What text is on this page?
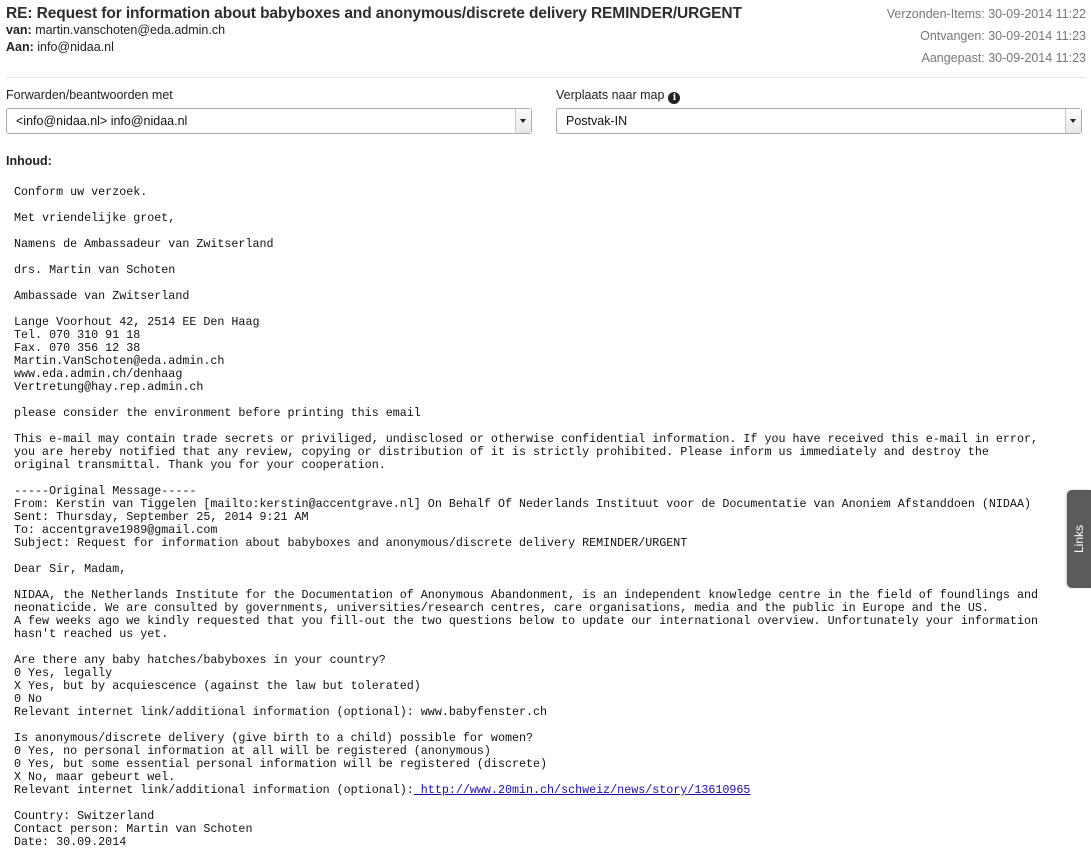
RE: Request for information about babyboxes and anonymous/discrete delivery REMINDER/URGENT
van: martin.vanschoten@eda.admin.ch
Aan: info@nidaa.nl
Verzonden-Items: 30-09-2014 11:22
Ontvangen: 30-09-2014 11:23
Aangepast: 30-09-2014 11:23
Forwarden/beantwoorden met
<info@nidaa.nl> info@nidaa.nl
Verplaats naar map i
Postvak-IN
Inhoud:
Conform uw verzoek.

Met vriendelijke groet,

Namens de Ambassadeur van Zwitserland

drs. Martin van Schoten

Ambassade van Zwitserland

Lange Voorhout 42, 2514 EE Den Haag
Tel. 070 310 91 18
Fax. 070 356 12 38
Martin.VanSchoten@eda.admin.ch
www.eda.admin.ch/denhaag
Vertretung@hay.rep.admin.ch

please consider the environment before printing this email

This e-mail may contain trade secrets or priviliged, undisclosed or otherwise confidential information. If you have received this e-mail in error,
you are hereby notified that any review, copying or distribution of it is strictly prohibited. Please inform us immediately and destroy the
original transmittal. Thank you for your cooperation.

-----Original Message-----
From: Kerstin van Tiggelen [mailto:kerstin@accentgrave.nl] On Behalf Of Nederlands Instituut voor de Documentatie van Anoniem Afstanddoen (NIDAA)
Sent: Thursday, September 25, 2014 9:21 AM
To: accentgrave1989@gmail.com
Subject: Request for information about babyboxes and anonymous/discrete delivery REMINDER/URGENT

Dear Sir, Madam,

NIDAA, the Netherlands Institute for the Documentation of Anonymous Abandonment, is an independent knowledge centre in the field of foundlings and
neonaticide. We are consulted by governments, universities/research centres, care organisations, media and the public in Europe and the US.
A few weeks ago we kindly requested that you fill-out the two questions below to update our international overview. Unfortunately your information
hasn't reached us yet.

Are there any baby hatches/babyboxes in your country?
0 Yes, legally
X Yes, but by acquiescence (against the law but tolerated)
0 No
Relevant internet link/additional information (optional): www.babyfenster.ch

Is anonymous/discrete delivery (give birth to a child) possible for women?
0 Yes, no personal information at all will be registered (anonymous)
0 Yes, but some essential personal information will be registered (discrete)
X No, maar gebeurt wel.
Relevant internet link/additional information (optional): http://www.20min.ch/schweiz/news/story/13610965

Country: Switzerland
Contact person: Martin van Schoten
Date: 30.09.2014
Links
